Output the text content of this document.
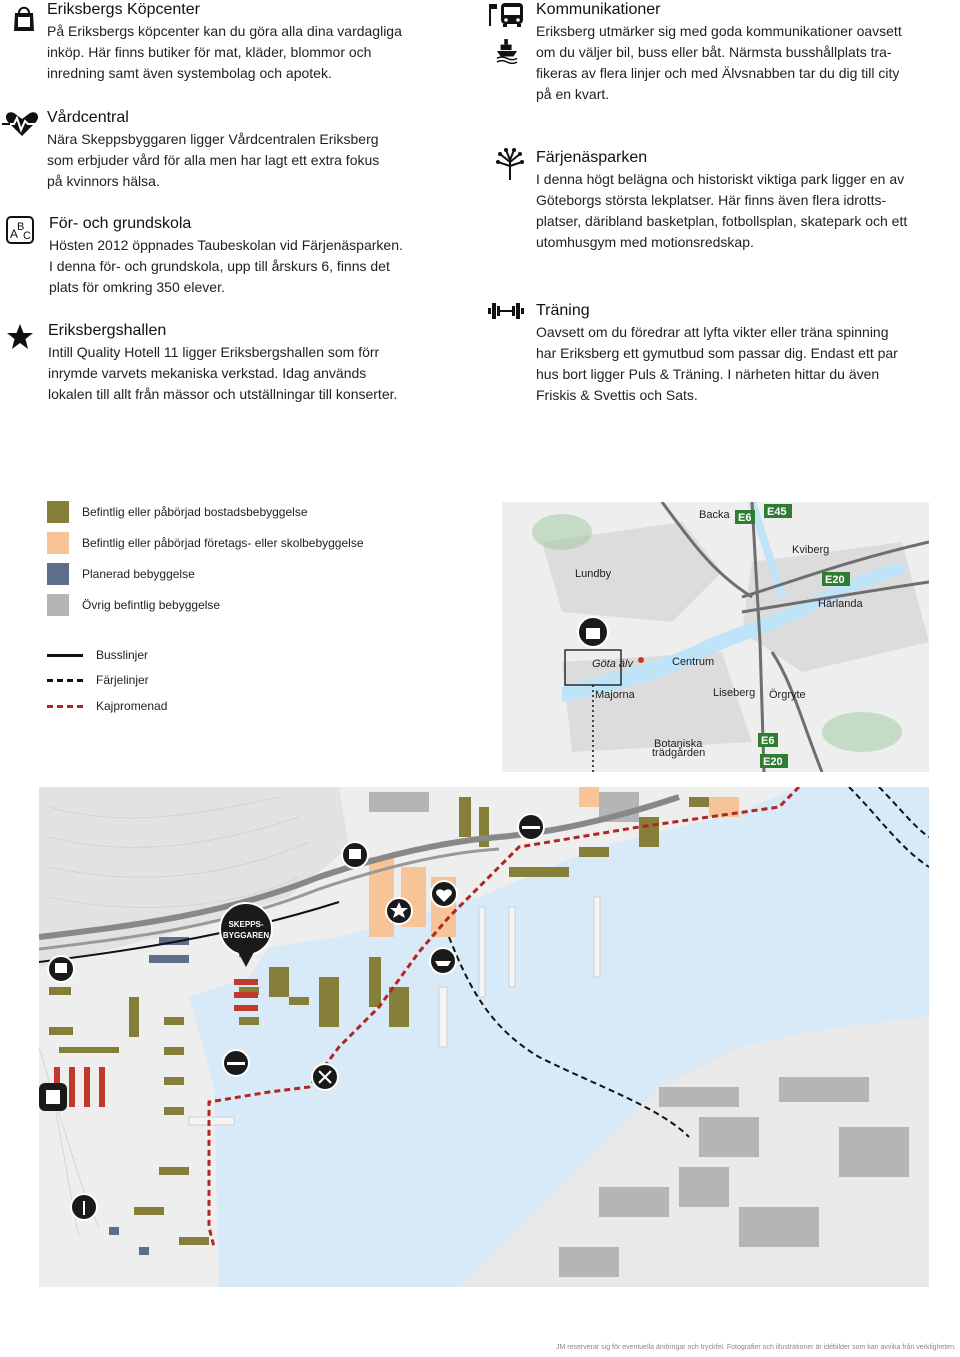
Eriksbergs Köpcenter

På Eriksbergs köpcenter kan du göra alla dina vardagliga
inköp. Här finns butiker för mat, kläder, blommor och
inredning samt även systembolag och apotek.

Vårdcentral

Nära Skeppsbyggaren ligger Vårdcentralen Eriksberg
som erbjuder vård för alla men har lagt ett extra fokus
på kvinnors hälsa.

A
B
C
För- och grundskola

Hösten 2012 öppnades Taubeskolan vid Färjenäsparken.
I denna för- och grundskola, upp till årskurs 6, finns det
plats för omkring 350 elever.

Eriksbergshallen

Intill Quality Hotell 11 ligger Eriksbergshallen som förr
inrymde varvets mekaniska verkstad. Idag används
lokalen till allt från mässor och utställningar till konserter.

Kommunikationer

Eriksberg utmärker sig med goda kommunikationer oavsett
om du väljer bil, buss eller båt. Närmsta busshållplats tra-
fikeras av flera linjer och med Älvsnabben tar du dig till city
på en kvart.

Färjenäsparken

I denna högt belägna och historiskt viktiga park ligger en av
Göteborgs största lekplatser. Här finns även flera idrotts-
platser, däribland basketplan, fotbollsplan, skatepark och ett
utomhusgym med motionsredskap.

Träning

Oavsett om du föredrar att lyfta vikter eller träna spinning
har Eriksberg ett gymutbud som passar dig. Endast ett par
hus bort ligger Puls & Träning. I närheten hittar du även
Friskis & Svettis och Sats.

Befintlig eller påbörjad bostadsbebyggelse
Befintlig eller påbörjad företags- eller skolbebyggelse
Planerad bebyggelse
Övrig befintlig bebyggelse
Busslinjer
Färjelinjer
Kajpromenad
Backa
Kviberg
Lundby
Härlanda
Centrum
Majorna	Liseberg Örgryte
Botaniska
trädgården
Göta älv
E6 E45
E20
E6
E20
SKEPPS-
BYGGAREN
JM reserverar sig för eventuella ändringar och tryckfel. Fotografier och illustrationer är idébilder som kan avvika från verkligheten.
